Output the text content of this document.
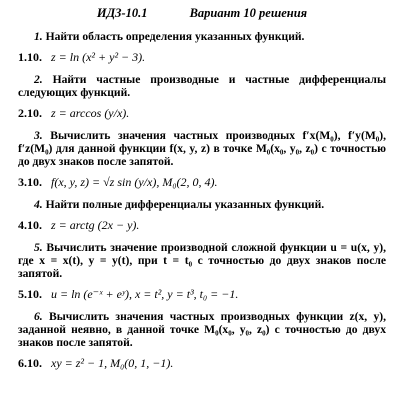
ИДЗ-10.1	Вариант 10 решения

1. Найти область определения указанных функций.

1.10. z = ln (x² + y² − 3).

2. Найти частные производные и частные дифференциалы следующих функций.

2.10. z = arccos (y/x).

3. Вычислить значения частных производных f′x(M₀), f′y(M₀), f′z(M₀) для данной функции f(x, y, z) в точке M₀(x₀, y₀, z₀) с точностью до двух знаков после запятой.

3.10. f(x, y, z) = √z sin (y/x), M₀(2, 0, 4).

4. Найти полные дифференциалы указанных функций.

4.10. z = arctg (2x − y).

5. Вычислить значение производной сложной функции u = u(x, y), где x = x(t), y = y(t), при t = t₀ с точностью до двух знаков после запятой.

5.10. u = ln (e⁻ˣ + eʸ), x = t², y = t³, t₀ = −1.

6. Вычислить значения частных производных функции z(x, y), заданной неявно, в данной точке M₀(x₀, y₀, z₀) с точностью до двух знаков после запятой.

6.10. xy = z² − 1, M₀(0, 1, −1).
